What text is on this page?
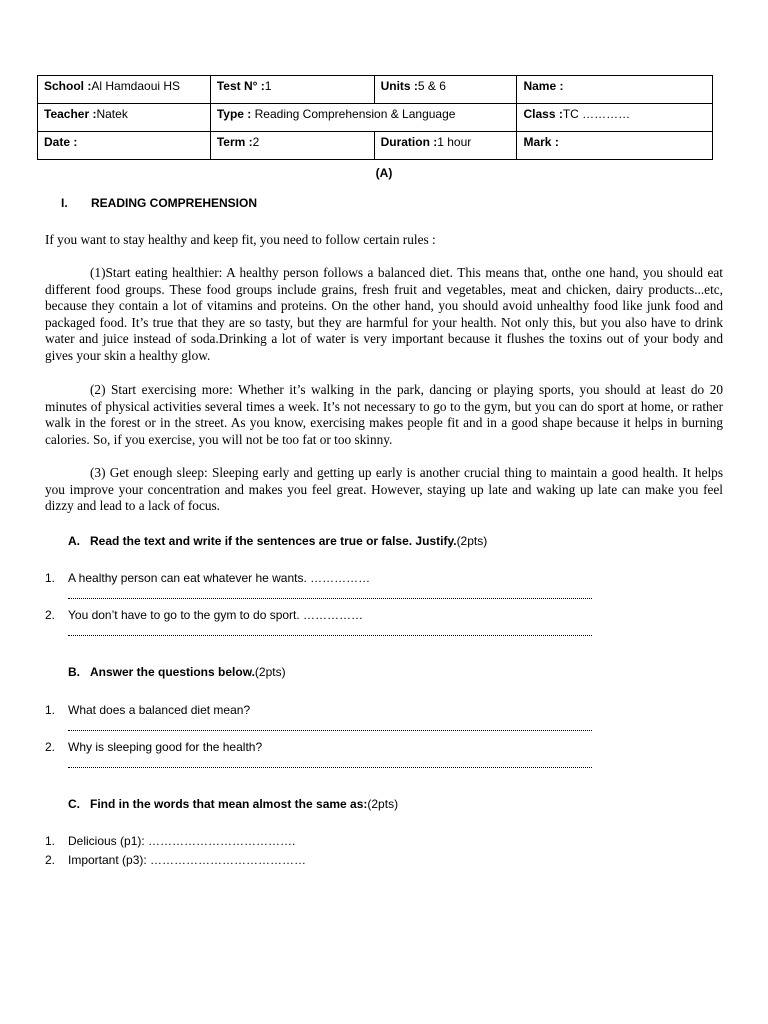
School :Al Hamdaoui HS	Test N° :1	Units :5 & 6	Name :
Teacher :Natek	Type : Reading Comprehension & Language		Class :TC …………
Date :	Term :2	Duration :1 hour	Mark :
(A)
I. READING COMPREHENSION
If you want to stay healthy and keep fit, you need to follow certain rules :
(1)Start eating healthier: A healthy person follows a balanced diet. This means that, onthe one hand, you should eat different food groups. These food groups include grains, fresh fruit and vegetables, meat and chicken, dairy products...etc, because they contain a lot of vitamins and proteins. On the other hand, you should avoid unhealthy food like junk food and packaged food. It’s true that they are so tasty, but they are harmful for your health. Not only this, but you also have to drink water and juice instead of soda.Drinking a lot of water is very important because it flushes the toxins out of your body and gives your skin a healthy glow.
(2) Start exercising more: Whether it’s walking in the park, dancing or playing sports, you should at least do 20 minutes of physical activities several times a week. It’s not necessary to go to the gym, but you can do sport at home, or rather walk in the forest or in the street. As you know, exercising makes people fit and in a good shape because it helps in burning calories. So, if you exercise, you will not be too fat or too skinny.
(3) Get enough sleep: Sleeping early and getting up early is another crucial thing to maintain a good health. It helps you improve your concentration and makes you feel great. However, staying up late and waking up late can make you feel dizzy and lead to a lack of focus.
A. Read the text and write if the sentences are true or false. Justify.(2pts)
1. A healthy person can eat whatever he wants. ……………
2. You don’t have to go to the gym to do sport. ……………
B. Answer the questions below.(2pts)
1. What does a balanced diet mean?
2. Why is sleeping good for the health?
C. Find in the words that mean almost the same as:(2pts)
1. Delicious (p1): ……………………………….
2. Important (p3): …………………………………
